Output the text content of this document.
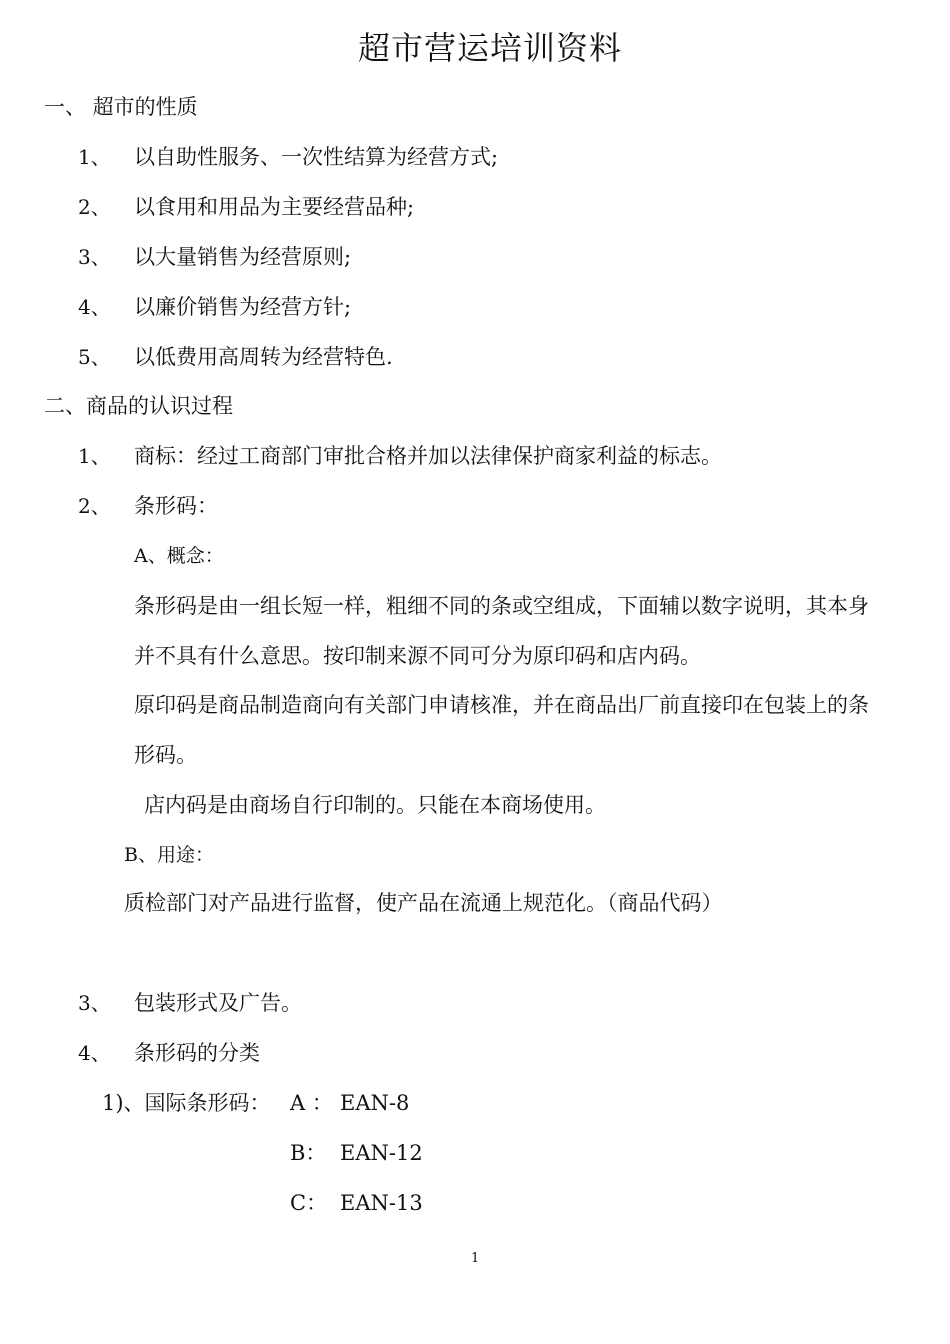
超市营运培训资料
一、 超市的性质
1、 以自助性服务、一次性结算为经营方式;
2、 以食用和用品为主要经营品种;
3、 以大量销售为经营原则;
4、 以廉价销售为经营方针;
5、 以低费用高周转为经营特色.
二、商品的认识过程
1、 商标：经过工商部门审批合格并加以法律保护商家利益的标志。
2、 条形码：
A、概念：
条形码是由一组长短一样，粗细不同的条或空组成，下面辅以数字说明，其本身
并不具有什么意思。按印制来源不同可分为原印码和店内码。
原印码是商品制造商向有关部门申请核准，并在商品出厂前直接印在包装上的条
形码。
店内码是由商场自行印制的。只能在本商场使用。
B、用途：
质检部门对产品进行监督，使产品在流通上规范化。（商品代码）
3、 包装形式及广告。
4、 条形码的分类
1)、国际条形码： A ： EAN-8
B： EAN-12
C： EAN-13
1
